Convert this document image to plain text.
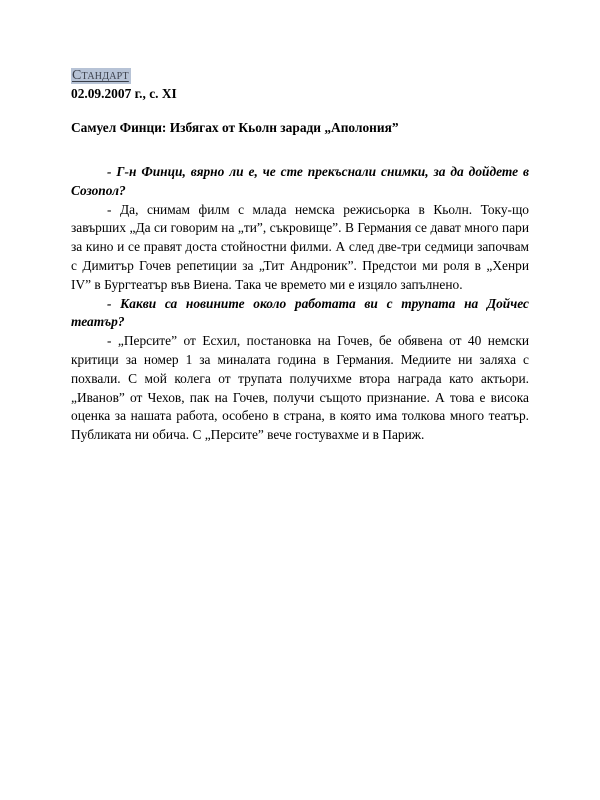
Стандарт
02.09.2007 г., с. XI
Самуел Финци: Избягах от Кьолн заради „Аполония”

- Г-н Финци, вярно ли е, че сте прекъснали снимки, за да дойдете в Созопол?

- Да, снимам филм с млада немска режисьорка в Кьолн. Току-що завърших „Да си говорим на „ти”, съкровище”. В Германия се дават много пари за кино и се правят доста стойностни филми. А след две-три седмици започвам с Димитър Гочев репетиции за „Тит Андроник”. Предстои ми роля в „Хенри IV” в Бургтеатър във Виена. Така че времето ми е изцяло запълнено.

- Какви са новините около работата ви с трупата на Дойчес театър?

- „Персите” от Есхил, постановка на Гочев, бе обявена от 40 немски критици за номер 1 за миналата година в Германия. Медиите ни заляха с похвали. С мой колега от трупата получихме втора награда като актьори. „Иванов” от Чехов, пак на Гочев, получи същото признание. А това е висока оценка за нашата работа, особено в страна, в която има толкова много театър. Публиката ни обича. С „Персите” вече гостувахме и в Париж.
